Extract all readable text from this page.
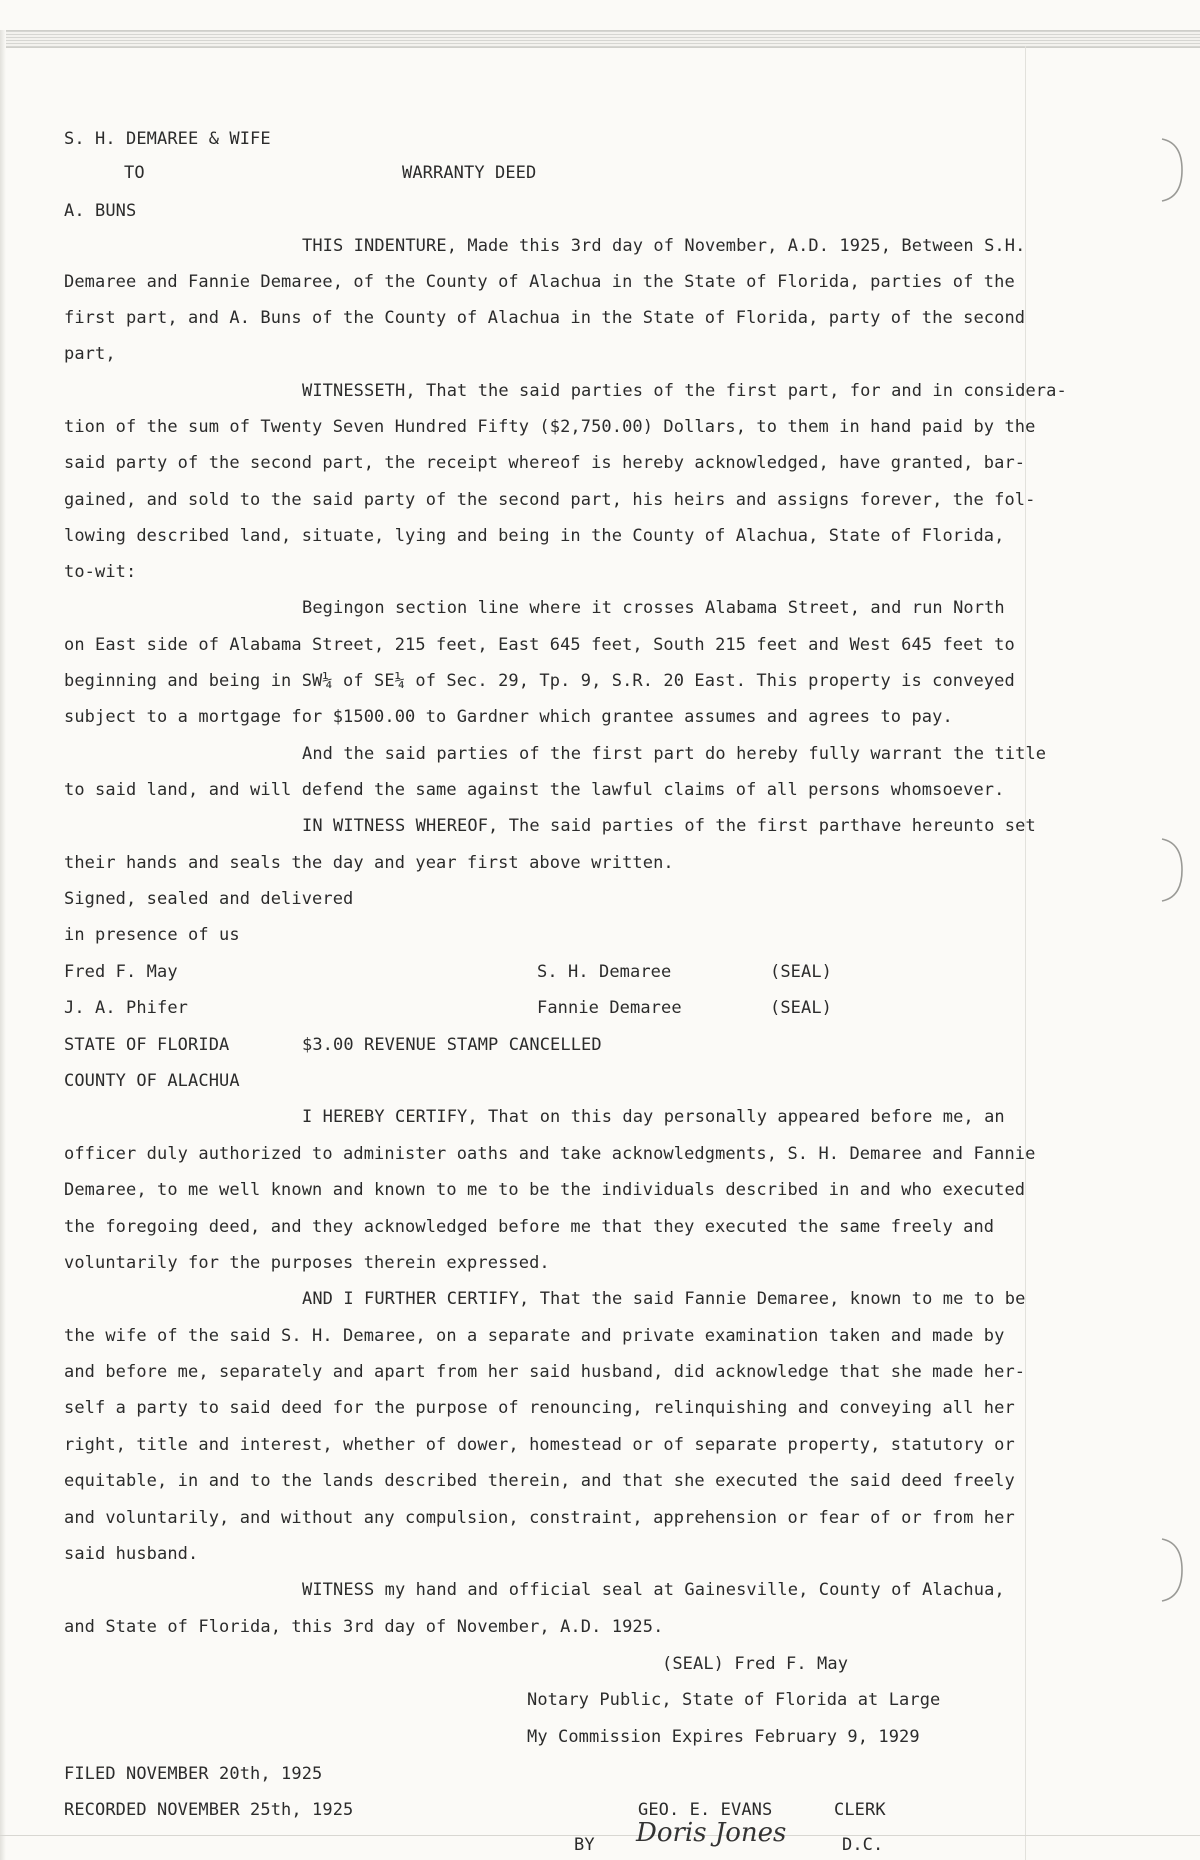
S. H. DEMAREE & WIFE
TO	WARRANTY DEED
A. BUNS
THIS INDENTURE, Made this 3rd day of November, A.D. 1925, Between S.H.
Demaree and Fannie Demaree, of the County of Alachua in the State of Florida, parties of the
first part, and A. Buns of the County of Alachua in the State of Florida, party of the second
part,
WITNESSETH, That the said parties of the first part, for and in considera-
tion of the sum of Twenty Seven Hundred Fifty ($2,750.00) Dollars, to them in hand paid by the
said party of the second part, the receipt whereof is hereby acknowledged, have granted, bar-
gained, and sold to the said party of the second part, his heirs and assigns forever, the fol-
lowing described land, situate, lying and being in the County of Alachua, State of Florida,
to-wit:
Begingon section line where it crosses Alabama Street, and run North
on East side of Alabama Street, 215 feet, East 645 feet, South 215 feet and West 645 feet to
beginning and being in SW¼ of SE¼ of Sec. 29, Tp. 9, S.R. 20 East. This property is conveyed
subject to a mortgage for $1500.00 to Gardner which grantee assumes and agrees to pay.
And the said parties of the first part do hereby fully warrant the title
to said land, and will defend the same against the lawful claims of all persons whomsoever.
IN WITNESS WHEREOF, The said parties of the first parthave hereunto set
their hands and seals the day and year first above written.
Signed, sealed and delivered
in presence of us
Fred F. May	S. H. Demaree	(SEAL)
J. A. Phifer	Fannie Demaree	(SEAL)
STATE OF FLORIDA	$3.00 REVENUE STAMP CANCELLED
COUNTY OF ALACHUA
I HEREBY CERTIFY, That on this day personally appeared before me, an
officer duly authorized to administer oaths and take acknowledgments, S. H. Demaree and Fannie
Demaree, to me well known and known to me to be the individuals described in and who executed
the foregoing deed, and they acknowledged before me that they executed the same freely and
voluntarily for the purposes therein expressed.
AND I FURTHER CERTIFY, That the said Fannie Demaree, known to me to be
the wife of the said S. H. Demaree, on a separate and private examination taken and made by
and before me, separately and apart from her said husband, did acknowledge that she made her-
self a party to said deed for the purpose of renouncing, relinquishing and conveying all her
right, title and interest, whether of dower, homestead or of separate property, statutory or
equitable, in and to the lands described therein, and that she executed the said deed freely
and voluntarily, and without any compulsion, constraint, apprehension or fear of or from her
said husband.
WITNESS my hand and official seal at Gainesville, County of Alachua,
and State of Florida, this 3rd day of November, A.D. 1925.
(SEAL) Fred F. May
Notary Public, State of Florida at Large
My Commission Expires February 9, 1929
FILED NOVEMBER 20th, 1925
RECORDED NOVEMBER 25th, 1925	GEO. E. EVANS	CLERK
BY Doris Jones	D.C.
